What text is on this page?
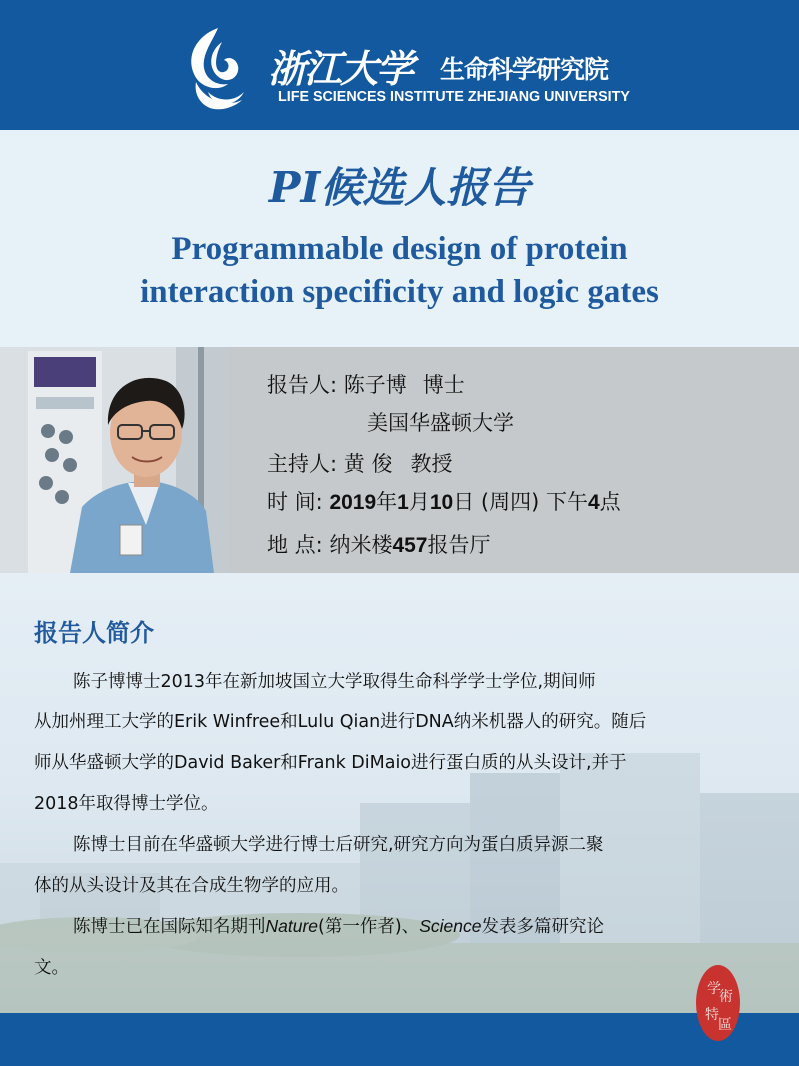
浙江大学 生命科学研究院
LIFE SCIENCES INSTITUTE ZHEJIANG UNIVERSITY
PI候选人报告
Programmable design of protein
interaction specificity and logic gates
报告人: 陈子博 博士
美国华盛顿大学
主持人: 黄 俊 教授
时 间: 2019年1月10日 (周四) 下午4点
地 点: 纳米楼457报告厅
报告人简介
陈子博博士2013年在新加坡国立大学取得生命科学学士学位,期间师
从加州理工大学的Erik Winfree和Lulu Qian进行DNA纳米机器人的研究。随后
师从华盛顿大学的David Baker和Frank DiMaio进行蛋白质的从头设计,并于
2018年取得博士学位。
陈博士目前在华盛顿大学进行博士后研究,研究方向为蛋白质异源二聚
体的从头设计及其在合成生物学的应用。
陈博士已在国际知名期刊Nature(第一作者)、Science发表多篇研究论
文。
学
術
特
區
